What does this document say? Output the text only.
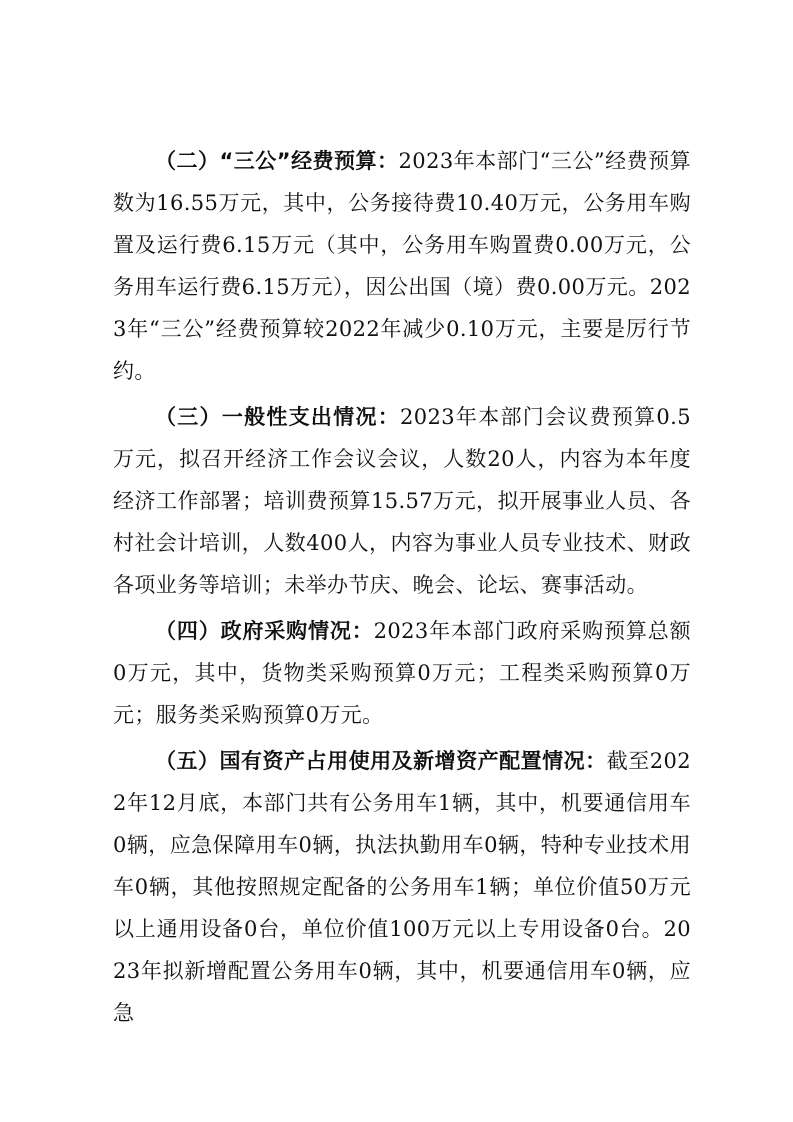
（二）“三公”经费预算：2023年本部门“三公”经费预算数为16.55万元，其中，公务接待费10.40万元，公务用车购置及运行费6.15万元（其中，公务用车购置费0.00万元，公务用车运行费6.15万元），因公出国（境）费0.00万元。2023年“三公”经费预算较2022年减少0.10万元，主要是厉行节约。

（三）一般性支出情况：2023年本部门会议费预算0.5万元，拟召开经济工作会议会议，人数20人，内容为本年度经济工作部署；培训费预算15.57万元，拟开展事业人员、各村社会计培训，人数400人，内容为事业人员专业技术、财政各项业务等培训；未举办节庆、晚会、论坛、赛事活动。

（四）政府采购情况：2023年本部门政府采购预算总额0万元，其中，货物类采购预算0万元；工程类采购预算0万元；服务类采购预算0万元。

（五）国有资产占用使用及新增资产配置情况：截至2022年12月底，本部门共有公务用车1辆，其中，机要通信用车0辆，应急保障用车0辆，执法执勤用车0辆，特种专业技术用车0辆，其他按照规定配备的公务用车1辆；单位价值50万元以上通用设备0台，单位价值100万元以上专用设备0台。2023年拟新增配置公务用车0辆，其中，机要通信用车0辆，应急
